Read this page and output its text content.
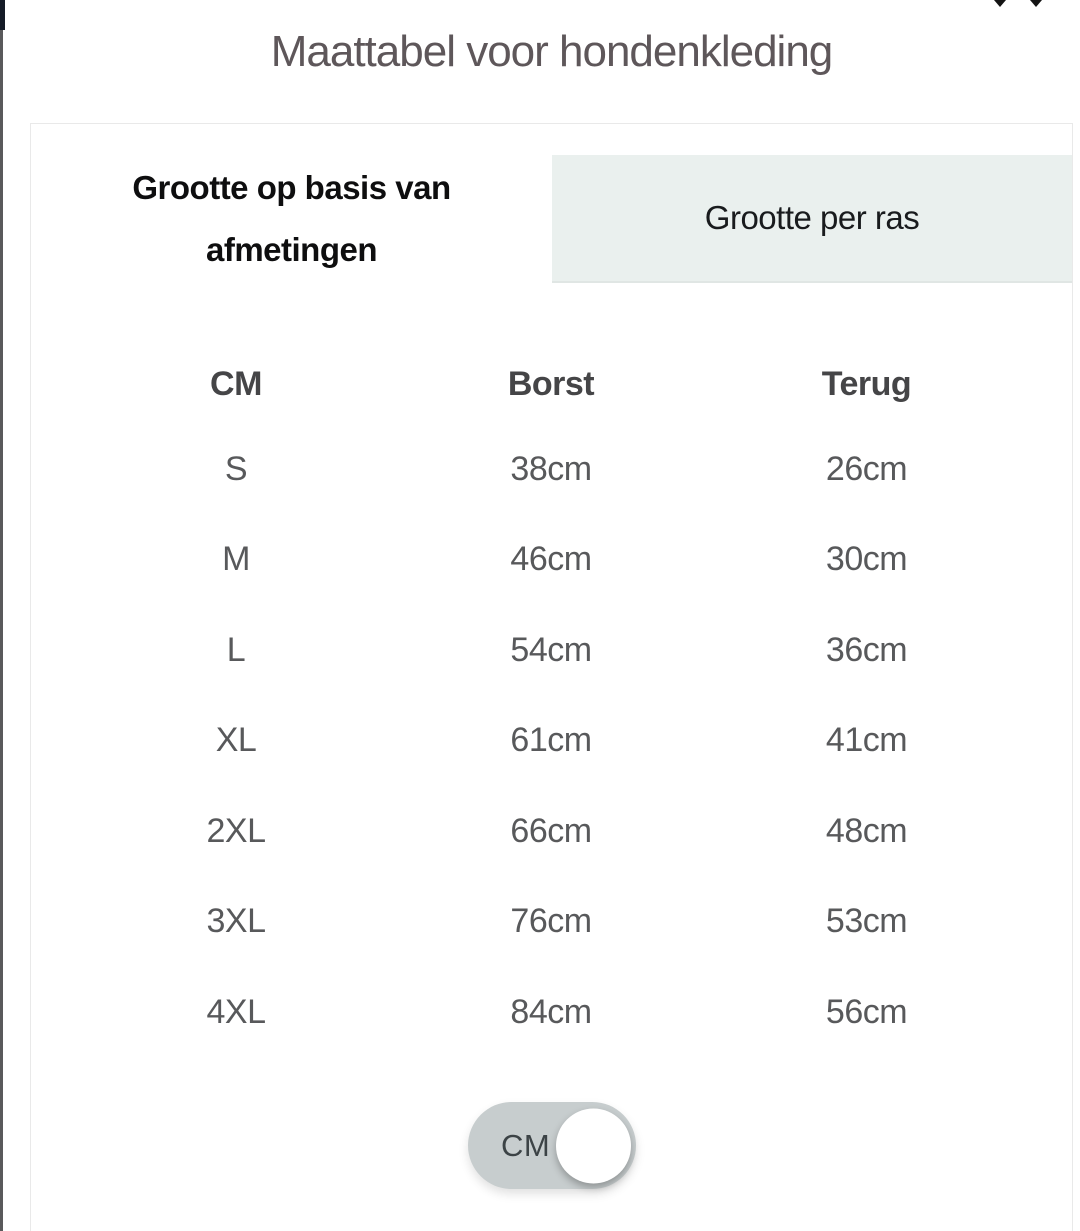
Maattabel voor hondenkleding
Grootte op basis van afmetingen
Grootte per ras
CM	Borst	Terug
S	38cm	26cm
M	46cm	30cm
L	54cm	36cm
XL	61cm	41cm
2XL	66cm	48cm
3XL	76cm	53cm
4XL	84cm	56cm
CM
